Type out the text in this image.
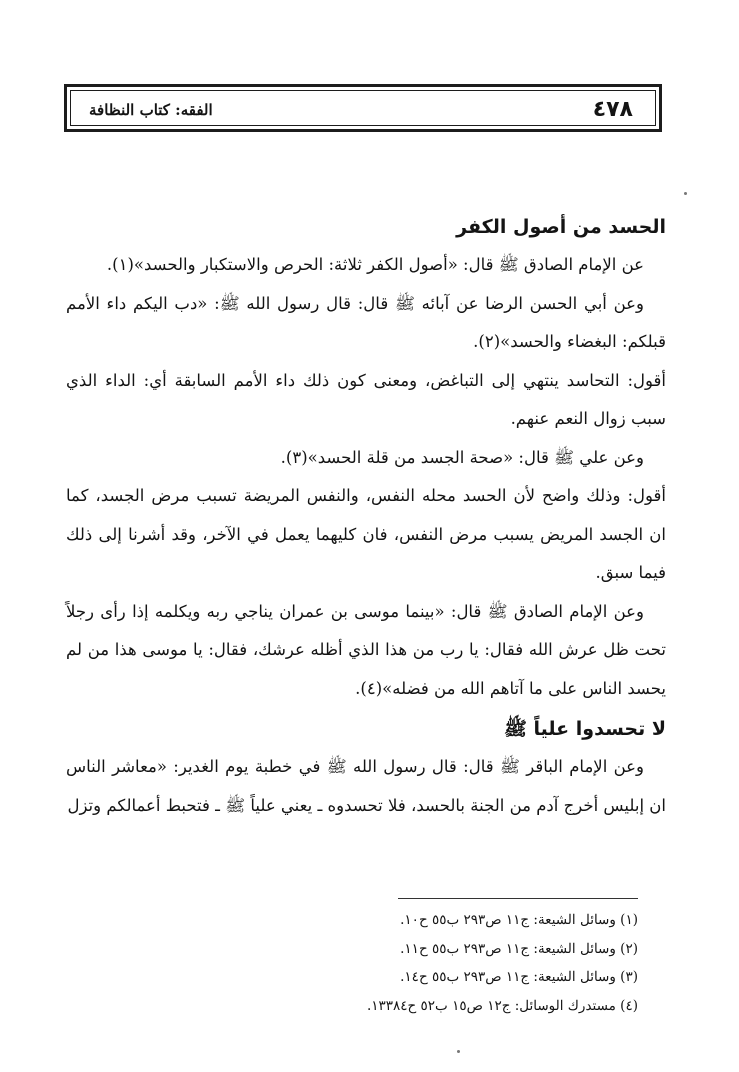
٤٧٨
الفقه: كتاب النظافة
الحسد من أصول الكفر

عن الإمام الصادق ﷺ قال: «أصول الكفر ثلاثة: الحرص والاستكبار والحسد»(١).

وعن أبي الحسن الرضا عن آبائه ﷺ قال: قال رسول الله ﷺ: «دب اليكم داء الأمم قبلكم: البغضاء والحسد»(٢).

أقول: التحاسد ينتهي إلى التباغض، ومعنى كون ذلك داء الأمم السابقة أي: الداء الذي سبب زوال النعم عنهم.

وعن علي ﷺ قال: «صحة الجسد من قلة الحسد»(٣).

أقول: وذلك واضح لأن الحسد محله النفس، والنفس المريضة تسبب مرض الجسد، كما ان الجسد المريض يسبب مرض النفس، فان كليهما يعمل في الآخر، وقد أشرنا إلى ذلك فيما سبق.

وعن الإمام الصادق ﷺ قال: «بينما موسى بن عمران يناجي ربه ويكلمه إذا رأى رجلاً تحت ظل عرش الله فقال: يا رب من هذا الذي أظله عرشك، فقال: يا موسى هذا من لم يحسد الناس على ما آتاهم الله من فضله»(٤).

لا تحسدوا علياً ﷺ

وعن الإمام الباقر ﷺ قال: قال رسول الله ﷺ في خطبة يوم الغدير: «معاشر الناس ان إبليس أخرج آدم من الجنة بالحسد، فلا تحسدوه ـ يعني علياً ﷺ ـ فتحبط أعمالكم وتزل

(١) وسائل الشيعة: ج١١ ص٢٩٣ ب٥٥ ح١٠.

(٢) وسائل الشيعة: ج١١ ص٢٩٣ ب٥٥ ح١١.

(٣) وسائل الشيعة: ج١١ ص٢٩٣ ب٥٥ ح١٤.

(٤) مستدرك الوسائل: ج١٢ ص١٥ ب٥٢ ح١٣٣٨٤.
